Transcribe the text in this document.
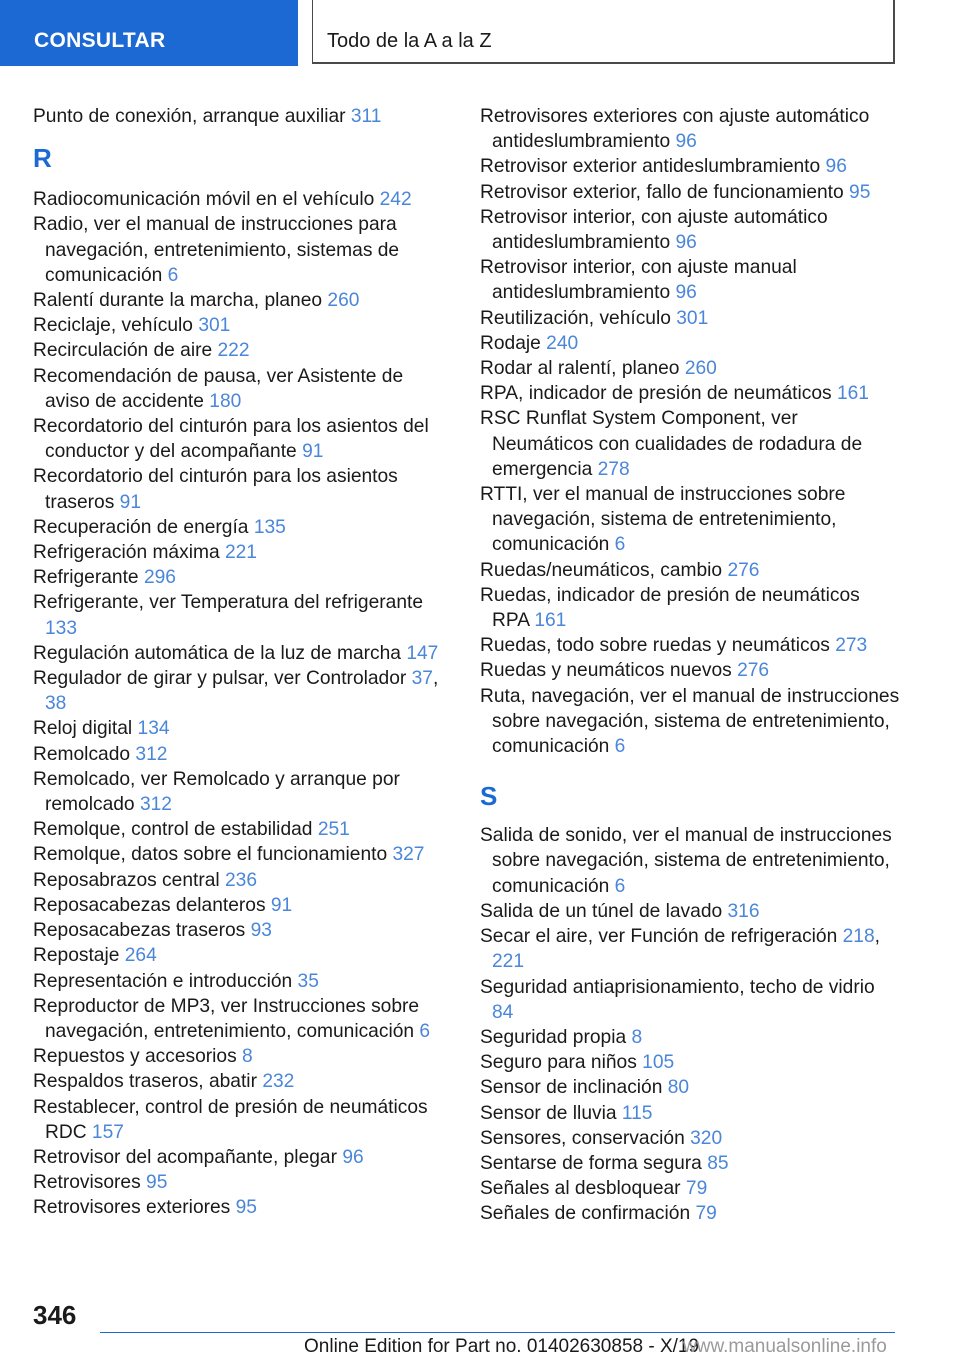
CONSULTAR	Todo de la A a la Z
Punto de conexión, arranque auxiliar 311
R
Radiocomunicación móvil en el vehículo 242
Radio, ver el manual de instrucciones para navegación, entretenimiento, sistemas de comunicación 6
Ralentí durante la marcha, planeo 260
Reciclaje, vehículo 301
Recirculación de aire 222
Recomendación de pausa, ver Asistente de aviso de accidente 180
Recordatorio del cinturón para los asientos del conductor y del acompañante 91
Recordatorio del cinturón para los asientos traseros 91
Recuperación de energía 135
Refrigeración máxima 221
Refrigerante 296
Refrigerante, ver Temperatura del refrigerante 133
Regulación automática de la luz de marcha 147
Regulador de girar y pulsar, ver Controlador 37, 38
Reloj digital 134
Remolcado 312
Remolcado, ver Remolcado y arranque por remolcado 312
Remolque, control de estabilidad 251
Remolque, datos sobre el funcionamiento 327
Reposabrazos central 236
Reposacabezas delanteros 91
Reposacabezas traseros 93
Repostaje 264
Representación e introducción 35
Reproductor de MP3, ver Instrucciones sobre navegación, entretenimiento, comunicación 6
Repuestos y accesorios 8
Respaldos traseros, abatir 232
Restablecer, control de presión de neumáticos RDC 157
Retrovisor del acompañante, plegar 96
Retrovisores 95
Retrovisores exteriores 95
Retrovisores exteriores con ajuste automático antideslumbramiento 96
Retrovisor exterior antideslumbramiento 96
Retrovisor exterior, fallo de funcionamiento 95
Retrovisor interior, con ajuste automático antideslumbramiento 96
Retrovisor interior, con ajuste manual antideslumbramiento 96
Reutilización, vehículo 301
Rodaje 240
Rodar al ralentí, planeo 260
RPA, indicador de presión de neumáticos 161
RSC Runflat System Component, ver Neumáticos con cualidades de rodadura de emergencia 278
RTTI, ver el manual de instrucciones sobre navegación, sistema de entretenimiento, comunicación 6
Ruedas/neumáticos, cambio 276
Ruedas, indicador de presión de neumáticos RPA 161
Ruedas, todo sobre ruedas y neumáticos 273
Ruedas y neumáticos nuevos 276
Ruta, navegación, ver el manual de instrucciones sobre navegación, sistema de entretenimiento, comunicación 6
S
Salida de sonido, ver el manual de instrucciones sobre navegación, sistema de entretenimiento, comunicación 6
Salida de un túnel de lavado 316
Secar el aire, ver Función de refrigeración 218, 221
Seguridad antiaprisionamiento, techo de vidrio 84
Seguridad propia 8
Seguro para niños 105
Sensor de inclinación 80
Sensor de lluvia 115
Sensores, conservación 320
Sentarse de forma segura 85
Señales al desbloquear 79
Señales de confirmación 79
346
Online Edition for Part no. 01402630858 - X/19
www.manualsonline.info
